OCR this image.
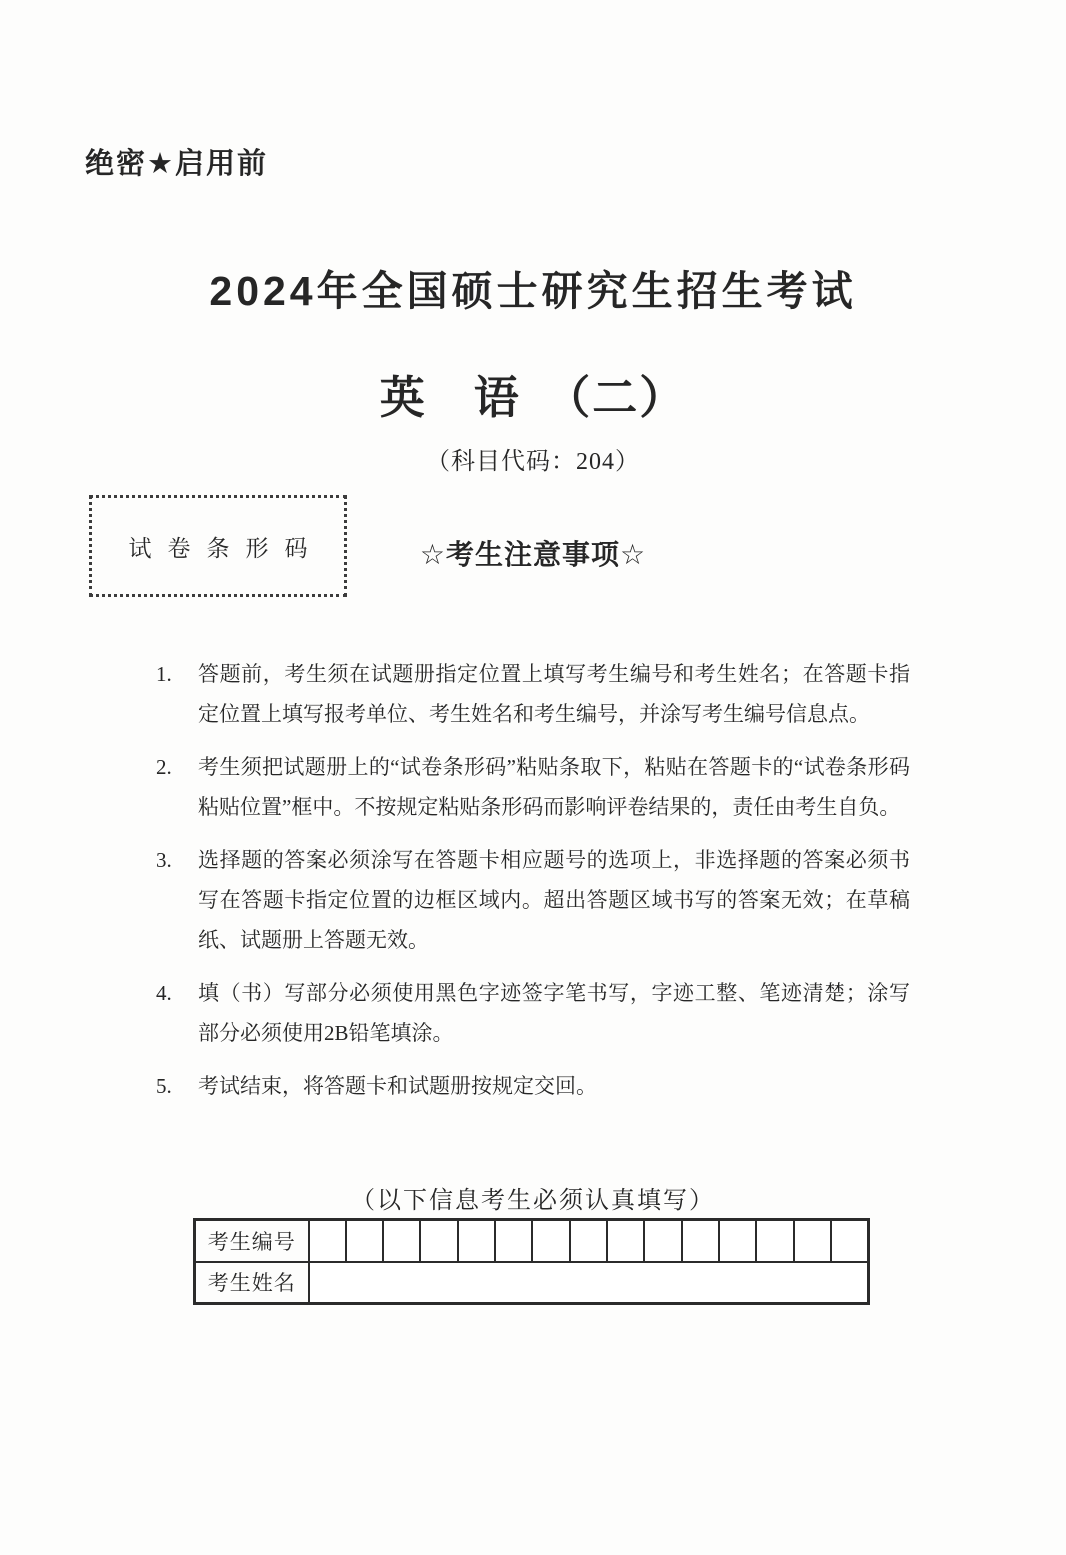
绝密★启用前
2024年全国硕士研究生招生考试
英　语　（二）
（科目代码：204）
试卷条形码	☆考生注意事项☆
1.	答题前，考生须在试题册指定位置上填写考生编号和考生姓名；在答题卡指定位置上填写报考单位、考生姓名和考生编号，并涂写考生编号信息点。
2.	考生须把试题册上的“试卷条形码”粘贴条取下，粘贴在答题卡的“试卷条形码粘贴位置”框中。不按规定粘贴条形码而影响评卷结果的，责任由考生自负。
3.	选择题的答案必须涂写在答题卡相应题号的选项上，非选择题的答案必须书写在答题卡指定位置的边框区域内。超出答题区域书写的答案无效；在草稿纸、试题册上答题无效。
4.	填（书）写部分必须使用黑色字迹签字笔书写，字迹工整、笔迹清楚；涂写部分必须使用2B铅笔填涂。
5.	考试结束，将答题卡和试题册按规定交回。
（以下信息考生必须认真填写）
考生编号															
考生姓名															
